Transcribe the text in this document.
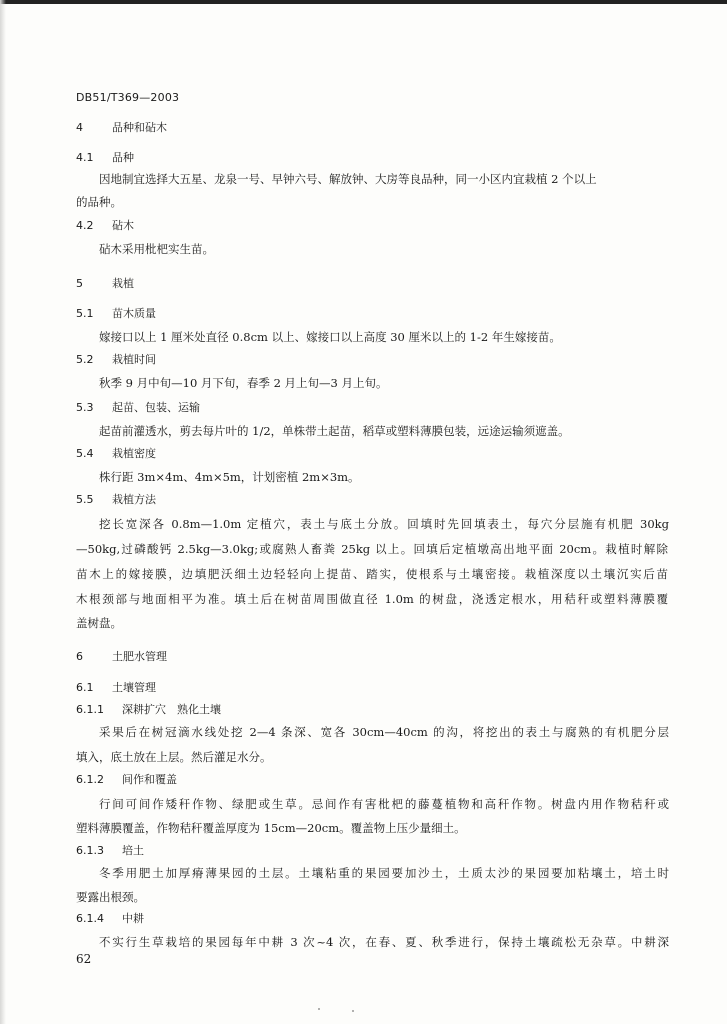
DB51/T369—2003
4	品种和砧木
4.1 品种
因地制宜选择大五星、龙泉一号、早钟六号、解放钟、大房等良品种，同一小区内宜栽植 2 个以上
的品种。
4.2 砧木
砧木采用枇杷实生苗。
5	栽植
5.1 苗木质量
嫁接口以上 1 厘米处直径 0.8cm 以上、嫁接口以上高度 30 厘米以上的 1-2 年生嫁接苗。
5.2 栽植时间
秋季 9 月中旬—10 月下旬，春季 2 月上旬—3 月上旬。
5.3 起苗、包装、运输
起苗前灌透水，剪去每片叶的 1/2，单株带土起苗，稻草或塑料薄膜包装，远途运输须遮盖。
5.4 栽植密度
株行距 3m×4m、4m×5m，计划密植 2m×3m。
5.5 栽植方法
挖长宽深各 0.8m—1.0m 定植穴，表土与底土分放。回填时先回填表土，每穴分层施有机肥 30kg
—50kg,过磷酸钙 2.5kg—3.0kg;或腐熟人畜粪 25kg 以上。回填后定植墩高出地平面 20cm。栽植时解除
苗木上的嫁接膜，边填肥沃细土边轻轻向上提苗、踏实，使根系与土壤密接。栽植深度以土壤沉实后苗
木根颈部与地面相平为准。填土后在树苗周围做直径 1.0m 的树盘，浇透定根水，用秸秆或塑料薄膜覆
盖树盘。
6	土肥水管理
6.1 土壤管理
6.1.1 深耕扩穴　熟化土壤
采果后在树冠滴水线处挖 2—4 条深、宽各 30cm—40cm 的沟，将挖出的表土与腐熟的有机肥分层
填入，底土放在上层。然后灌足水分。
6.1.2 间作和覆盖
行间可间作矮秆作物、绿肥或生草。忌间作有害枇杷的藤蔓植物和高秆作物。树盘内用作物秸秆或
塑料薄膜覆盖，作物秸秆覆盖厚度为 15cm—20cm。覆盖物上压少量细土。
6.1.3 培土
冬季用肥土加厚瘠薄果园的土层。土壤粘重的果园要加沙土，土质太沙的果园要加粘壤土，培土时
要露出根颈。
6.1.4 中耕
不实行生草栽培的果园每年中耕 3 次~4 次，在春、夏、秋季进行，保持土壤疏松无杂草。中耕深
62
